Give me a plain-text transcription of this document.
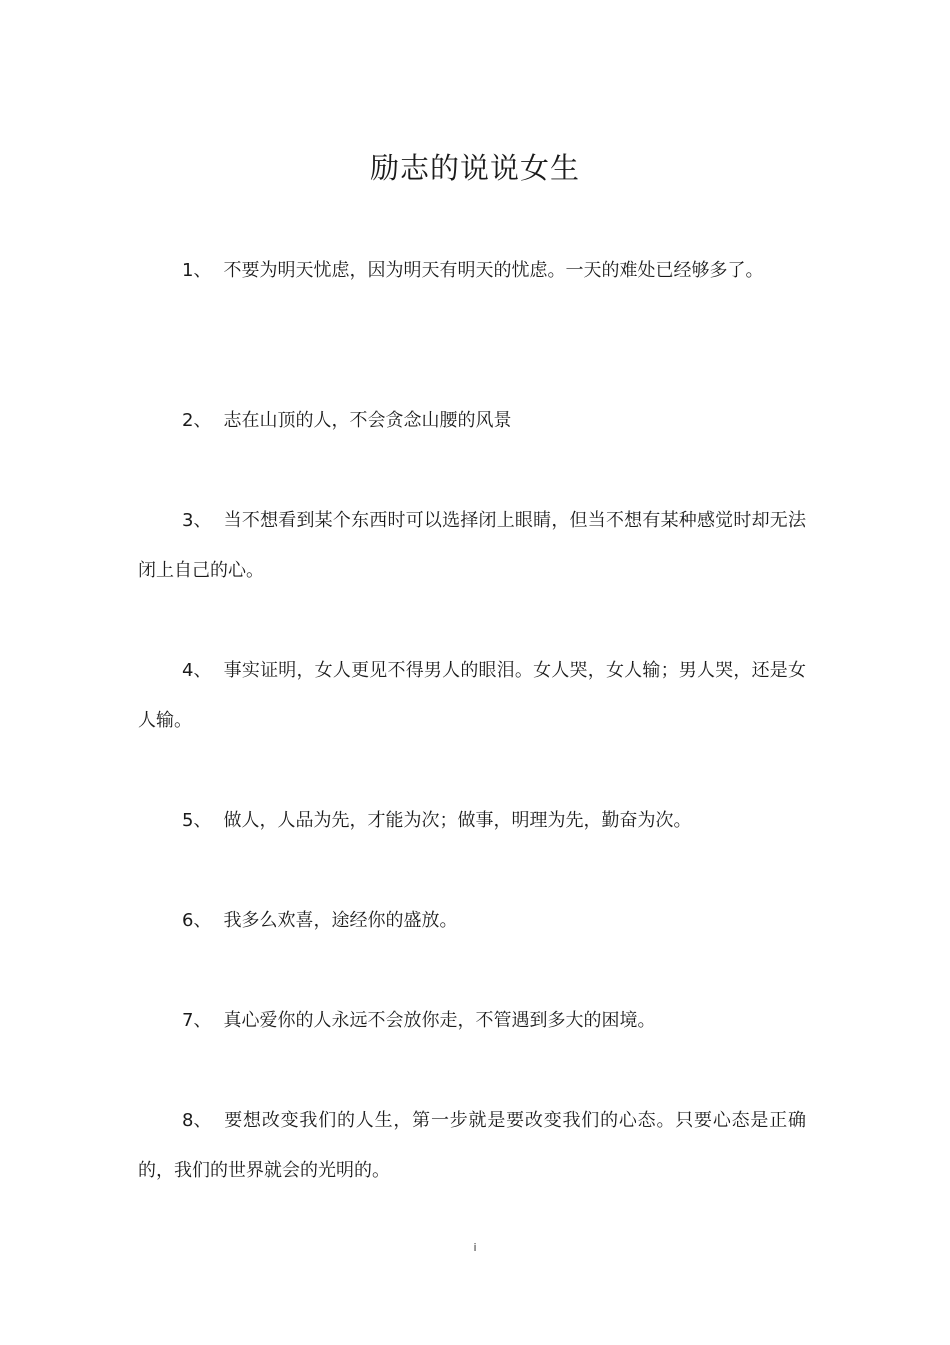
励志的说说女生
1、 不要为明天忧虑，因为明天有明天的忧虑。一天的难处已经够多了。
2、 志在山顶的人，不会贪念山腰的风景
3、 当不想看到某个东西时可以选择闭上眼睛，但当不想有某种感觉时却无法闭上自己的心。
4、 事实证明，女人更见不得男人的眼泪。女人哭，女人输；男人哭，还是女人输。
5、 做人，人品为先，才能为次；做事，明理为先，勤奋为次。
6、 我多么欢喜，途经你的盛放。
7、 真心爱你的人永远不会放你走，不管遇到多大的困境。
8、 要想改变我们的人生，第一步就是要改变我们的心态。只要心态是正确的，我们的世界就会的光明的。
i
